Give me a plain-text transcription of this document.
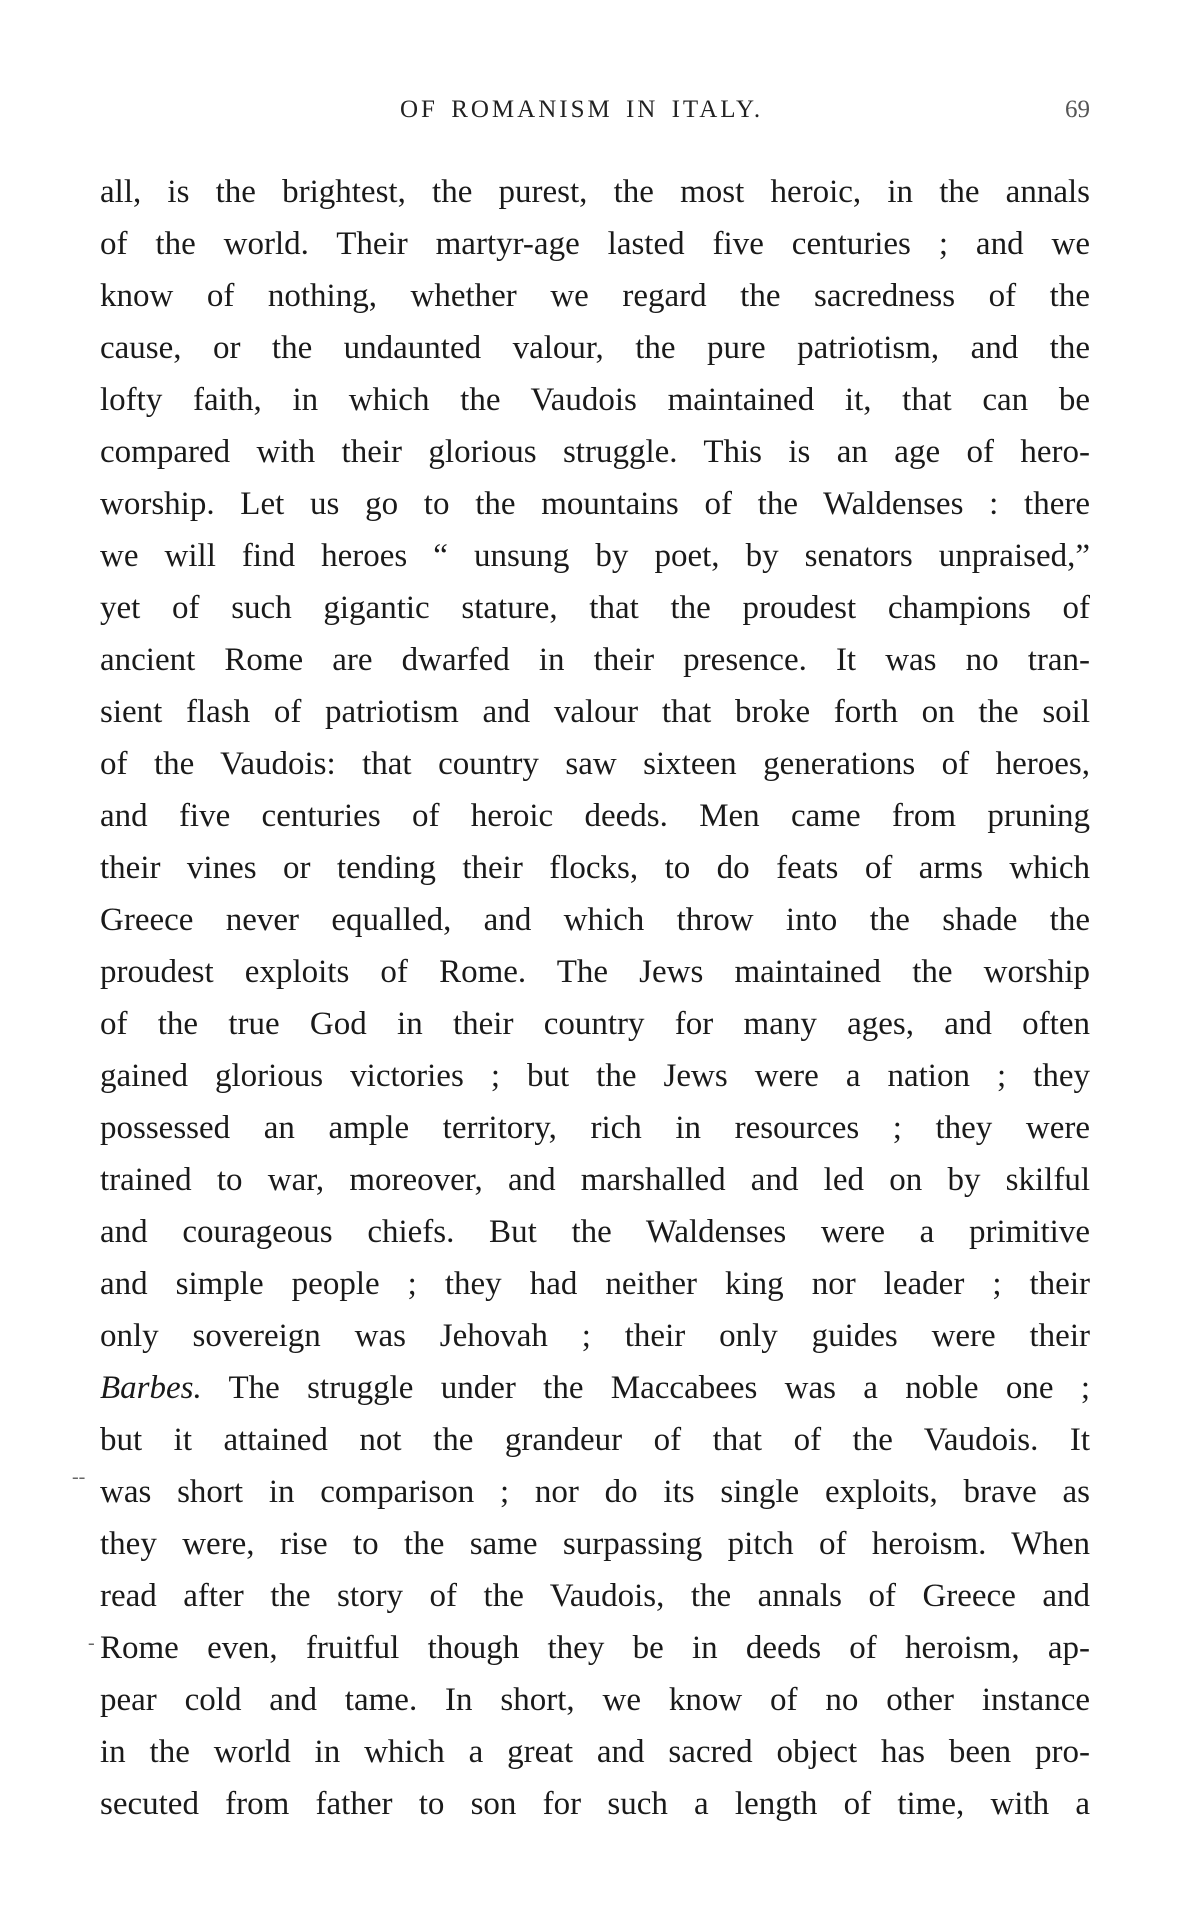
OF ROMANISM IN ITALY.	69
all, is the brightest, the purest, the most heroic, in the annals
of the world. Their martyr-age lasted five centuries ; and we
know of nothing, whether we regard the sacredness of the
cause, or the undaunted valour, the pure patriotism, and the
lofty faith, in which the Vaudois maintained it, that can be
compared with their glorious struggle. This is an age of hero-
worship. Let us go to the mountains of the Waldenses : there
we will find heroes “ unsung by poet, by senators unpraised,”
yet of such gigantic stature, that the proudest champions of
ancient Rome are dwarfed in their presence. It was no tran-
sient flash of patriotism and valour that broke forth on the soil
of the Vaudois: that country saw sixteen generations of heroes,
and five centuries of heroic deeds. Men came from pruning
their vines or tending their flocks, to do feats of arms which
Greece never equalled, and which throw into the shade the
proudest exploits of Rome. The Jews maintained the worship
of the true God in their country for many ages, and often
gained glorious victories ; but the Jews were a nation ; they
possessed an ample territory, rich in resources ; they were
trained to war, moreover, and marshalled and led on by skilful
and courageous chiefs. But the Waldenses were a primitive
and simple people ; they had neither king nor leader ; their
only sovereign was Jehovah ; their only guides were their
Barbes. The struggle under the Maccabees was a noble one ;
but it attained not the grandeur of that of the Vaudois. It
was short in comparison ; nor do its single exploits, brave as
they were, rise to the same surpassing pitch of heroism. When
read after the story of the Vaudois, the annals of Greece and
Rome even, fruitful though they be in deeds of heroism, ap-
pear cold and tame. In short, we know of no other instance
in the world in which a great and sacred object has been pro-
secuted from father to son for such a length of time, with a
--
-
